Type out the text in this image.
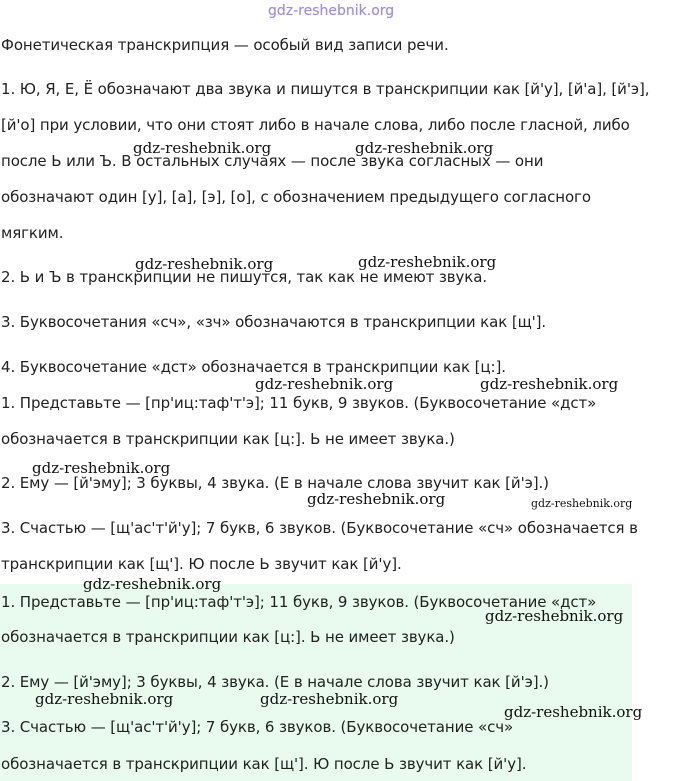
gdz-reshebnik.org
Фонетическая транскрипция — особый вид записи речи.
1. Ю, Я, Е, Ё обозначают два звука и пишутся в транскрипции как [й'у], [й'а], [й'э],
[й'о] при условии, что они стоят либо в начале слова, либо после гласной, либо
после Ь или Ъ. В остальных случаях — после звука согласных — они
обозначают один [у], [а], [э], [о], с обозначением предыдущего согласного
мягким.
2. Ь и Ъ в транскрипции не пишутся, так как не имеют звука.
3. Буквосочетания «сч», «зч» обозначаются в транскрипции как [щ'].
4. Буквосочетание «дст» обозначается в транскрипции как [ц:].
1. Представьте — [пр'иц:таф'т'э]; 11 букв, 9 звуков. (Буквосочетание «дст»
обозначается в транскрипции как [ц:]. Ь не имеет звука.)
2. Ему — [й'эму]; 3 буквы, 4 звука. (Е в начале слова звучит как [й'э].)
3. Счастью — [щ'ас'т'й'у]; 7 букв, 6 звуков. (Буквосочетание «сч» обозначается в
транскрипции как [щ']. Ю после Ь звучит как [й'у].
1. Представьте — [пр'иц:таф'т'э]; 11 букв, 9 звуков. (Буквосочетание «дст»
обозначается в транскрипции как [ц:]. Ь не имеет звука.)
2. Ему — [й'эму]; 3 буквы, 4 звука. (Е в начале слова звучит как [й'э].)
3. Счастью — [щ'ас'т'й'у]; 7 букв, 6 звуков. (Буквосочетание «сч»
обозначается в транскрипции как [щ']. Ю после Ь звучит как [й'у].
gdz-reshebnik.org	gdz-reshebnik.org
gdz-reshebnik.org	gdz-reshebnik.org
gdz-reshebnik.org	gdz-reshebnik.org
gdz-reshebnik.org
gdz-reshebnik.org	gdz-reshebnik.org
gdz-reshebnik.org
gdz-reshebnik.org
gdz-reshebnik.org	gdz-reshebnik.org
gdz-reshebnik.org
